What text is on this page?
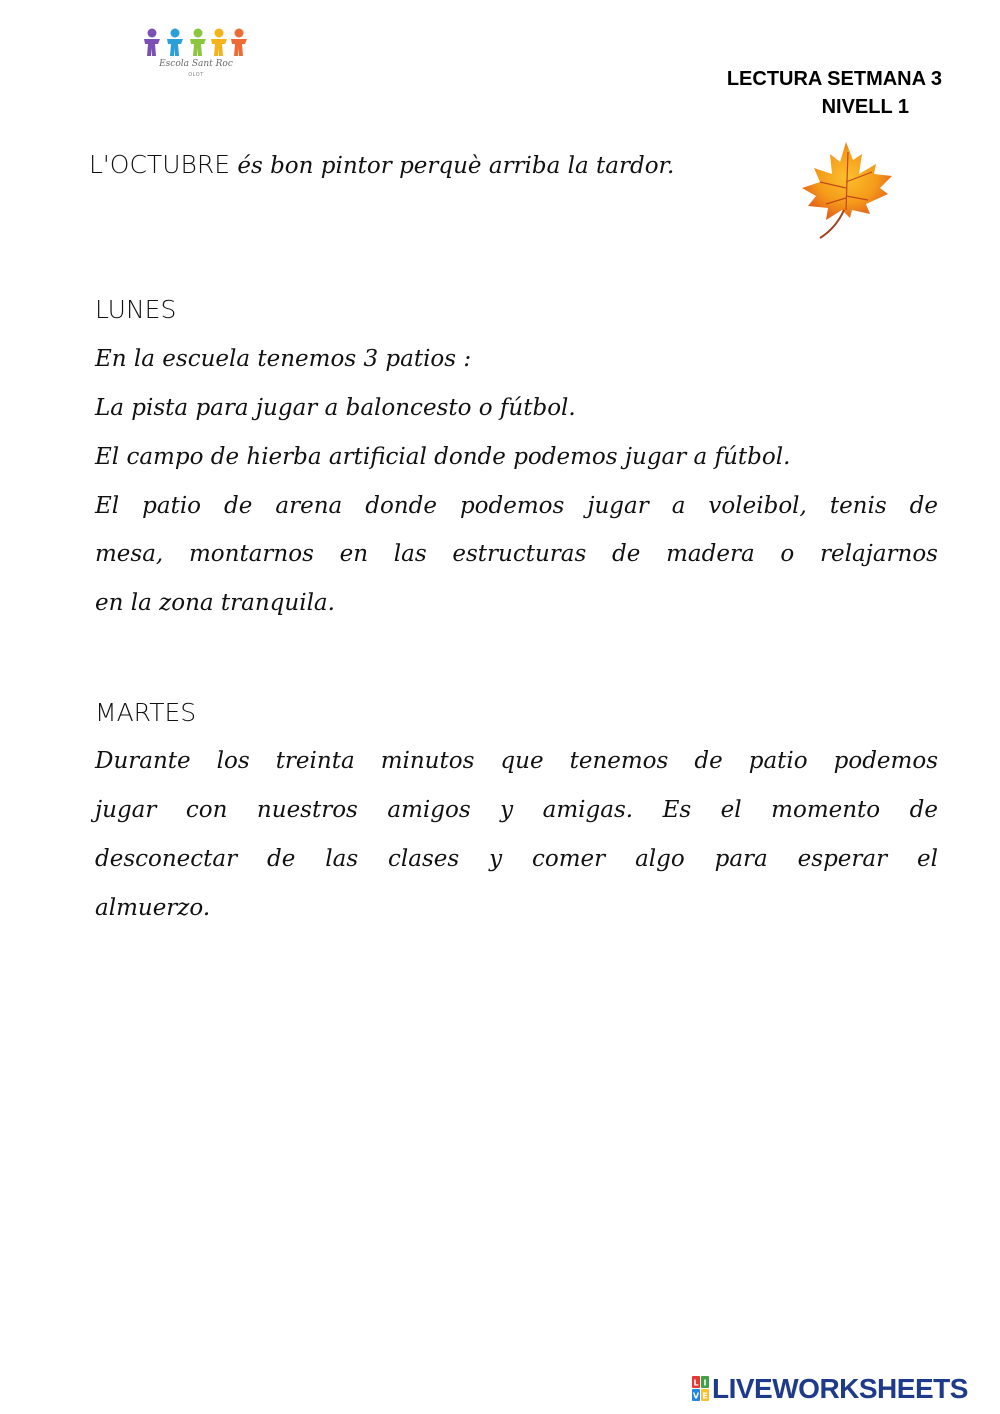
Escola Sant Roc
OLOT	LECTURA SETMANA 3
NIVELL 1
L'OCTUBRE és bon pintor perquè arriba la tardor.
LUNES
En la escuela tenemos 3 patios :
La pista para jugar a baloncesto o fútbol.
El campo de hierba artificial donde podemos jugar a fútbol.
El patio de arena donde podemos jugar a voleibol, tenis de
mesa, montarnos en las estructuras de madera o relajarnos
en la zona tranquila.
MARTES
Durante los treinta minutos que tenemos de patio podemos
jugar con nuestros amigos y amigas. Es el momento de
desconectar de las clases y comer algo para esperar el
almuerzo.
L I
V E LIVEWORKSHEETS
